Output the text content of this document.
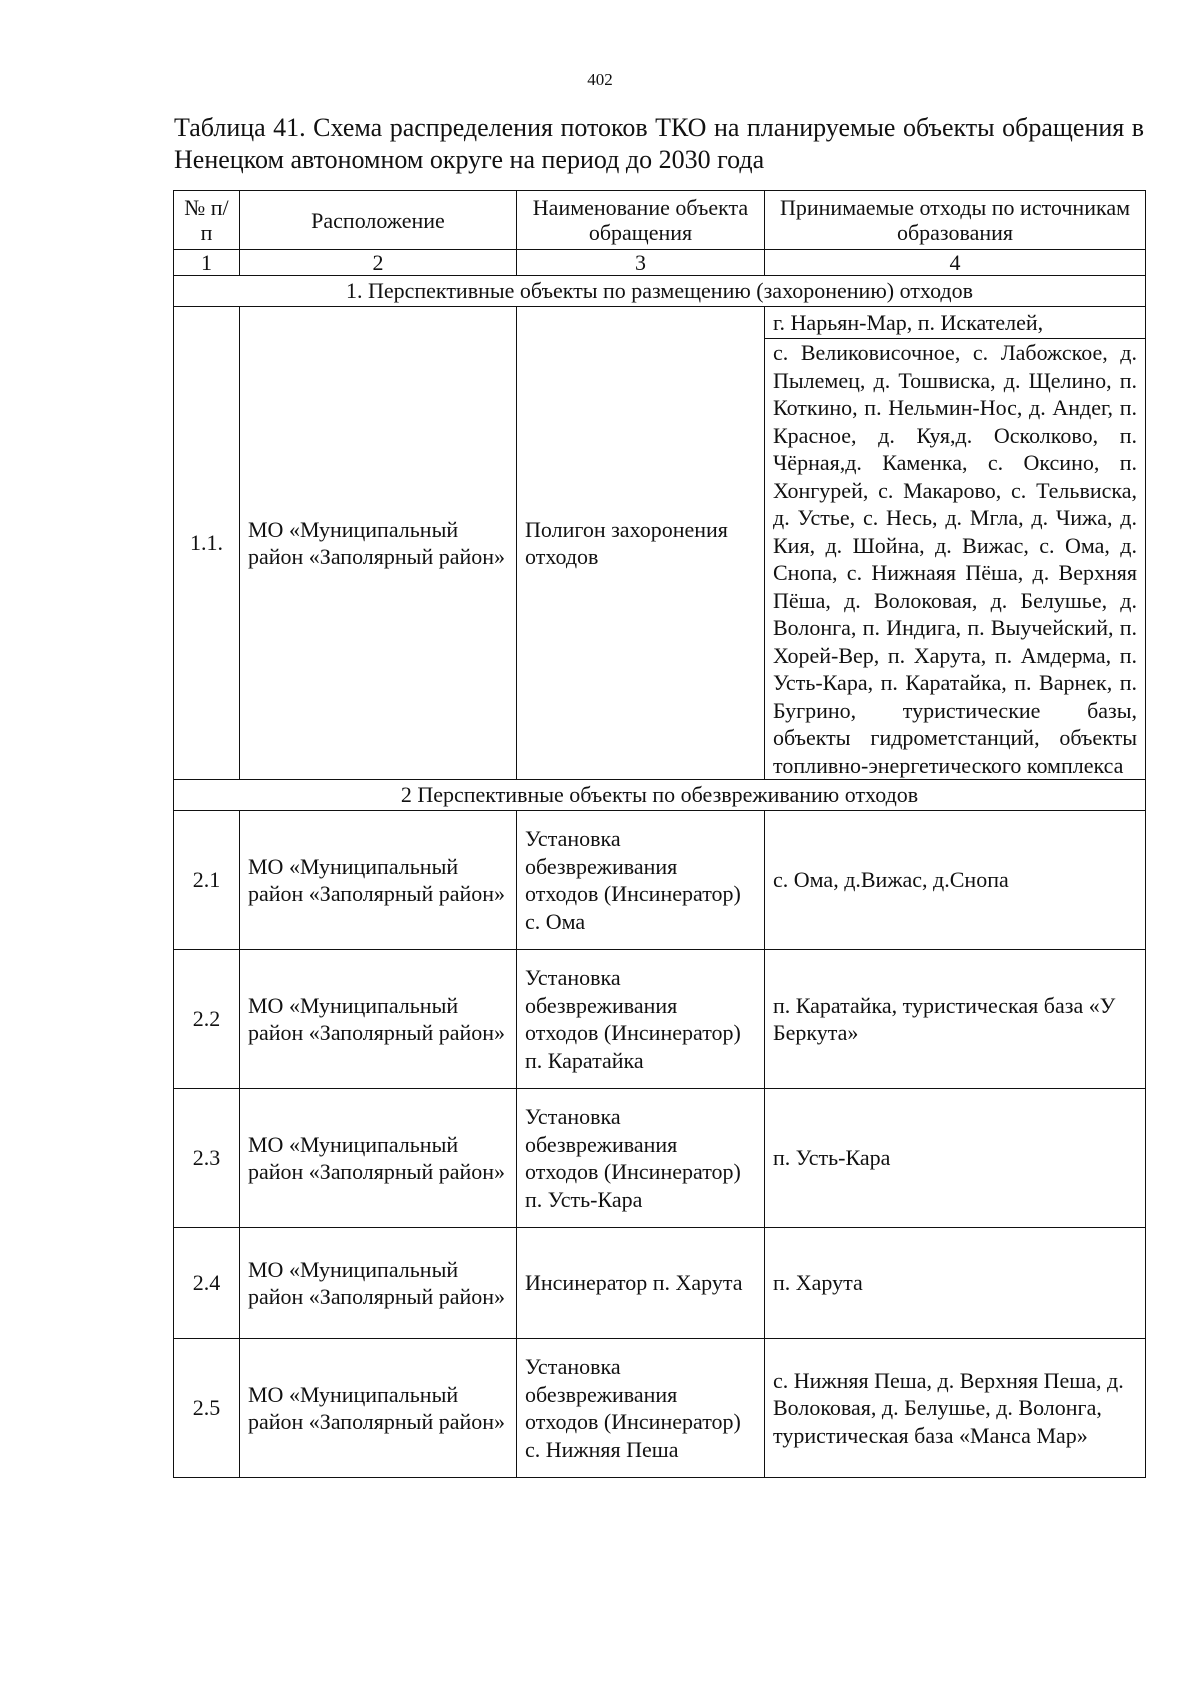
402
Таблица 41. Схема распределения потоков ТКО на планируемые объекты обращения в Ненецком автономном округе на период до 2030 года
№ п/п	Расположение	Наименование объекта обращения	Принимаемые отходы по источникам образования
1	2	3	4
1. Перспективные объекты по размещению (захоронению) отходов			
1.1.	МО «Муниципальный район «Заполярный район»	Полигон захоронения отходов	г. Нарьян-Мар, п. Искателей,
			с. Великовисочное, с. Лабожское, д. Пылемец, д. Тошвиска, д. Щелино, п. Коткино, п. Нельмин-Нос, д. Андег, п. Красное, д. Куя,д. Осколково, п. Чёрная,д. Каменка, с. Оксино, п. Хонгурей, с. Макарово, с. Тельвиска, д. Устье, с. Несь, д. Мгла, д. Чижа, д. Кия, д. Шойна, д. Вижас, с. Ома, д. Снопа, с. Нижнаяя Пёша, д. Верхняя Пёша, д. Волоковая, д. Белушье, д. Волонга, п. Индига, п. Выучейский, п. Хорей-Вер, п. Харута, п. Амдерма, п. Усть-Кара, п. Каратайка, п. Варнек, п. Бугрино, туристические базы, объекты гидрометстанций, объекты топливно-энергетического комплекса
2 Перспективные объекты по обезвреживанию отходов			
2.1	МО «Муниципальный район «Заполярный район»	Установка обезвреживания отходов (Инсинератор) с. Ома	с. Ома, д.Вижас, д.Снопа
2.2	МО «Муниципальный район «Заполярный район»	Установка обезвреживания отходов (Инсинератор) п. Каратайка	п. Каратайка, туристическая база «У Беркута»
2.3	МО «Муниципальный район «Заполярный район»	Установка обезвреживания отходов (Инсинератор) п. Усть-Кара	п. Усть-Кара
2.4	МО «Муниципальный район «Заполярный район»	Инсинератор п. Харута	п. Харута
2.5	МО «Муниципальный район «Заполярный район»	Установка обезвреживания отходов (Инсинератор) с. Нижняя Пеша	с. Нижняя Пеша, д. Верхняя Пеша, д. Волоковая, д. Белушье, д. Волонга, туристическая база «Манса Мар»
